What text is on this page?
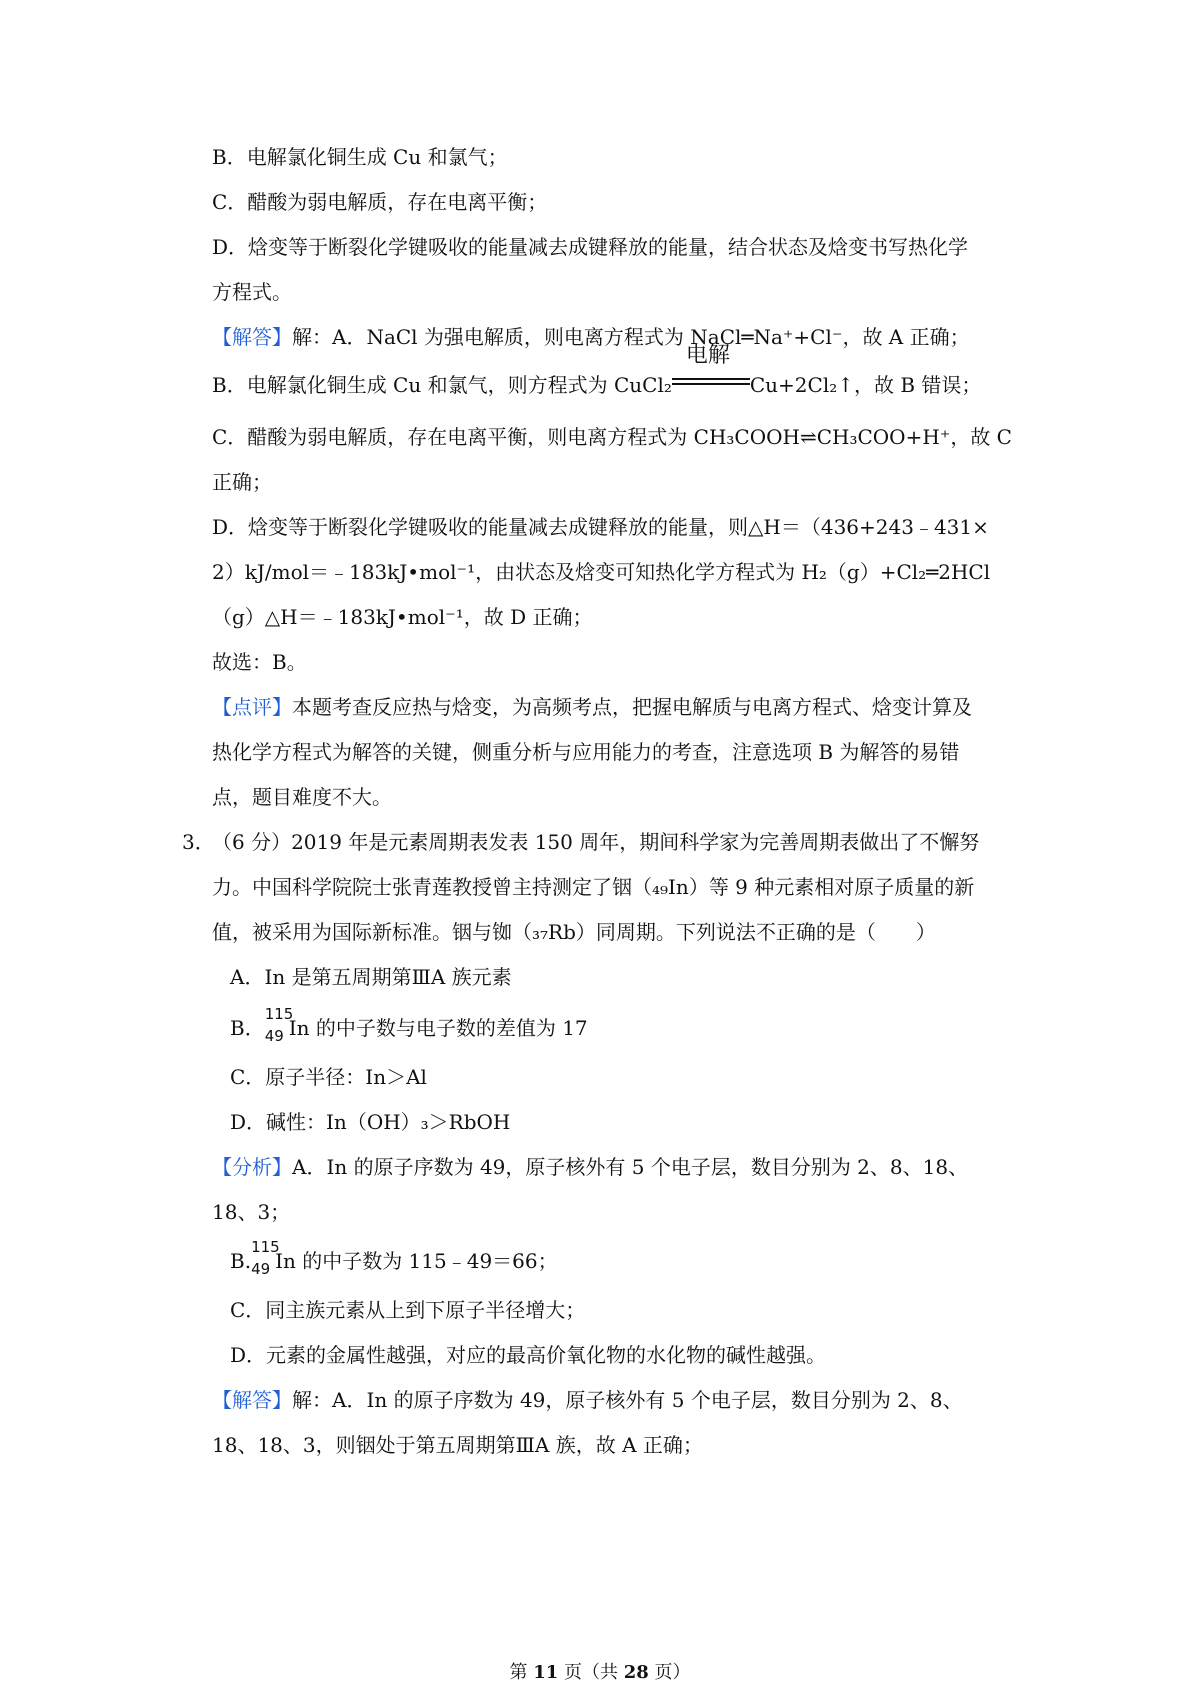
B．电解氯化铜生成 Cu 和氯气；
C．醋酸为弱电解质，存在电离平衡；
D．焓变等于断裂化学键吸收的能量减去成键释放的能量，结合状态及焓变书写热化学
方程式。
【解答】解：A．NaCl 为强电解质，则电离方程式为 NaCl═Na⁺+Cl⁻，故 A 正确；
B．电解氯化铜生成 Cu 和氯气，则方程式为 CuCl₂
电解
Cu+2Cl₂↑，故 B 错误；
C．醋酸为弱电解质，存在电离平衡，则电离方程式为 CH₃COOH⇌CH₃COO+H⁺，故 C
正确；
D．焓变等于断裂化学键吸收的能量减去成键释放的能量，则△H＝（436+243﹣431×
2）kJ/mol＝﹣183kJ•mol⁻¹，由状态及焓变可知热化学方程式为 H₂（g）+Cl₂═2HCl
（g）△H＝﹣183kJ•mol⁻¹，故 D 正确；
故选：B。
【点评】本题考查反应热与焓变，为高频考点，把握电解质与电离方程式、焓变计算及
热化学方程式为解答的关键，侧重分析与应用能力的考查，注意选项 B 为解答的易错
点，题目难度不大。
3．
（6 分）2019 年是元素周期表发表 150 周年，期间科学家为完善周期表做出了不懈努
力。中国科学院院士张青莲教授曾主持测定了铟（₄₉In）等 9 种元素相对原子质量的新
值，被采用为国际新标准。铟与铷（₃₇Rb）同周期。下列说法不正确的是（　　）
A．In 是第五周期第ⅢA 族元素
B．
115
49 In 的中子数与电子数的差值为 17
C．原子半径：In＞Al
D．碱性：In（OH）₃＞RbOH
【分析】A．In 的原子序数为 49，原子核外有 5 个电子层，数目分别为 2、8、18、
18、3；
B.
115
49 In 的中子数为 115﹣49＝66；
C．同主族元素从上到下原子半径增大；
D．元素的金属性越强，对应的最高价氧化物的水化物的碱性越强。
【解答】解：A．In 的原子序数为 49，原子核外有 5 个电子层，数目分别为 2、8、
18、18、3，则铟处于第五周期第ⅢA 族，故 A 正确；
第 11 页（共 28 页）
